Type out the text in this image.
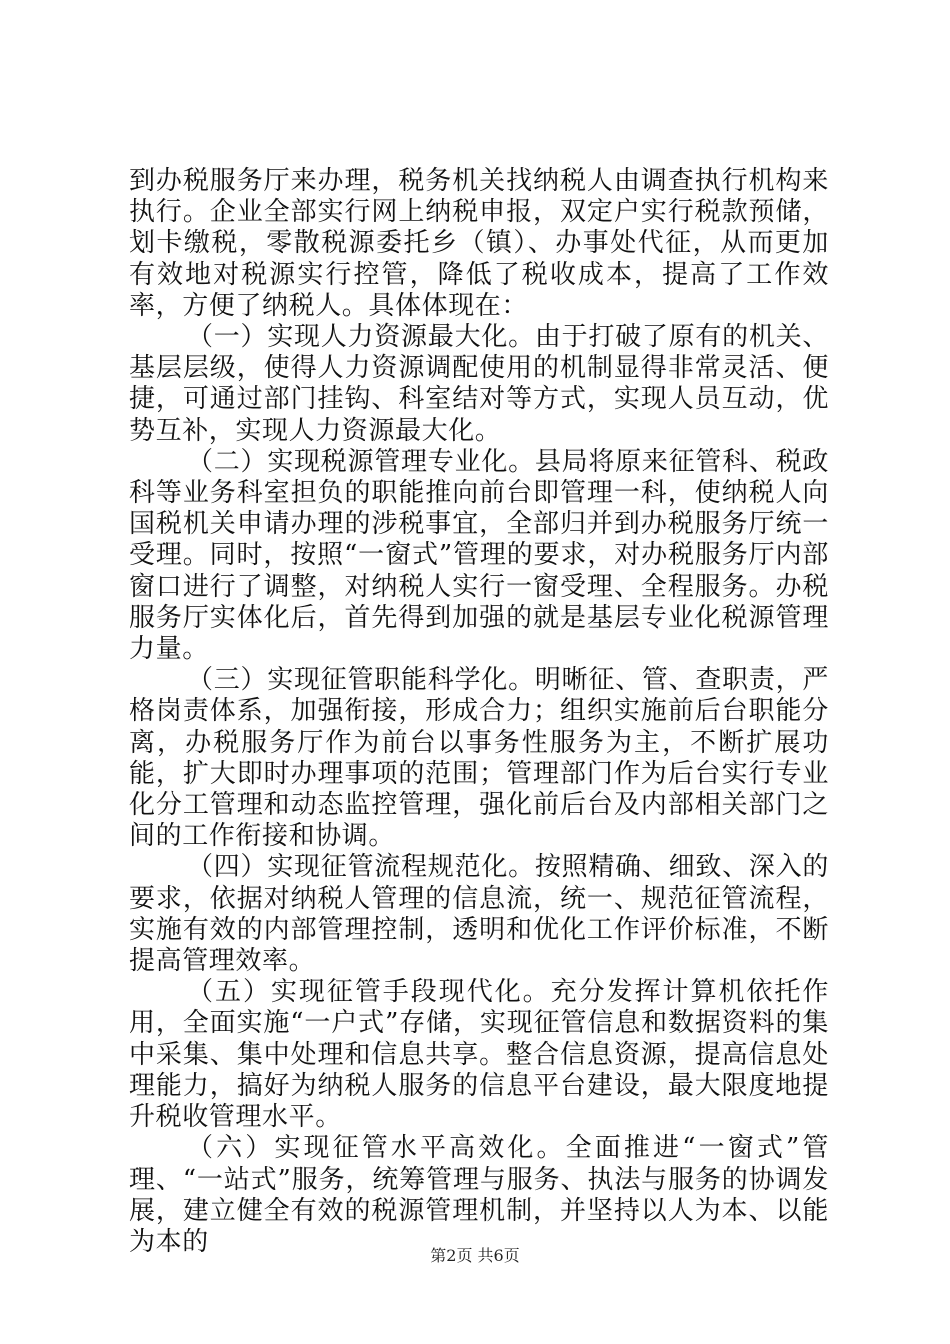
到办税服务厅来办理，税务机关找纳税人由调查执行机构来执行。企业全部实行网上纳税申报，双定户实行税款预储，划卡缴税，零散税源委托乡（镇）、办事处代征，从而更加有效地对税源实行控管，降低了税收成本，提高了工作效率，方便了纳税人。具体体现在：

（一）实现人力资源最大化。由于打破了原有的机关、基层层级，使得人力资源调配使用的机制显得非常灵活、便捷，可通过部门挂钩、科室结对等方式，实现人员互动，优势互补，实现人力资源最大化。

（二）实现税源管理专业化。县局将原来征管科、税政科等业务科室担负的职能推向前台即管理一科，使纳税人向国税机关申请办理的涉税事宜，全部归并到办税服务厅统一受理。同时，按照“一窗式”管理的要求，对办税服务厅内部窗口进行了调整，对纳税人实行一窗受理、全程服务。办税服务厅实体化后，首先得到加强的就是基层专业化税源管理力量。

（三）实现征管职能科学化。明晰征、管、查职责，严格岗责体系，加强衔接，形成合力；组织实施前后台职能分离，办税服务厅作为前台以事务性服务为主，不断扩展功能，扩大即时办理事项的范围；管理部门作为后台实行专业化分工管理和动态监控管理，强化前后台及内部相关部门之间的工作衔接和协调。

（四）实现征管流程规范化。按照精确、细致、深入的要求，依据对纳税人管理的信息流，统一、规范征管流程，实施有效的内部管理控制，透明和优化工作评价标准，不断提高管理效率。

（五）实现征管手段现代化。充分发挥计算机依托作用，全面实施“一户式”存储，实现征管信息和数据资料的集中采集、集中处理和信息共享。整合信息资源，提高信息处理能力，搞好为纳税人服务的信息平台建设，最大限度地提升税收管理水平。

（六）实现征管水平高效化。全面推进“一窗式”管理、“一站式”服务，统筹管理与服务、执法与服务的协调发展，建立健全有效的税源管理机制，并坚持以人为本、以能为本的	第2页 共6页
